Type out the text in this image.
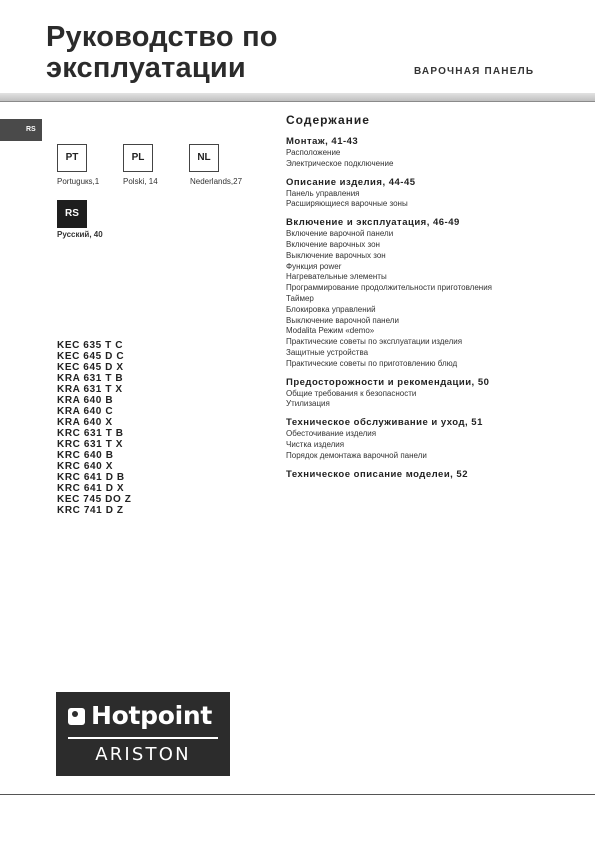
Руководство по
эксплуатации	ВАРОЧНАЯ ПАНЕЛЬ
RS
PT
Portuguкs,1
PL
Polski, 14
NL
Nederlands,27
RS
Русский, 40
KEC 635 T C
KEC 645 D C
KEC 645 D X
KRA 631 T B
KRA 631 T X
KRA 640 B
KRA 640 C
KRA 640 X
KRC 631 T B
KRC 631 T X
KRC 640 B
KRC 640 X
KRC 641 D B
KRC 641 D X
KEC 745 DO Z
KRC 741 D Z
Содержание
Монтаж, 41-43
Расположение
Электрическое подключение
Описание изделия, 44-45
Панель управления
Расширяющиеся варочные зоны
Включение и эксплуатация, 46-49
Включение варочной панели
Включение варочных зон
Выключение варочных зон
Функция power
Нагревательные элементы
Программирование продолжительности приготовления
Таймер
Блокировка управлений
Выключение варочной панели
Modalita Режим «demo»
Практические советы по эксплуатации изделия
Защитные устройства
Практические советы по приготовлению блюд
Предосторожности и рекомендации, 50
Общие требования к безопасности
Утилизация
Техническое обслуживание и уход, 51
Обесточивание изделия
Чистка изделия
Порядок демонтажа варочной панели
Техническое описание моделеи, 52
Hotpoint
ARISTON
